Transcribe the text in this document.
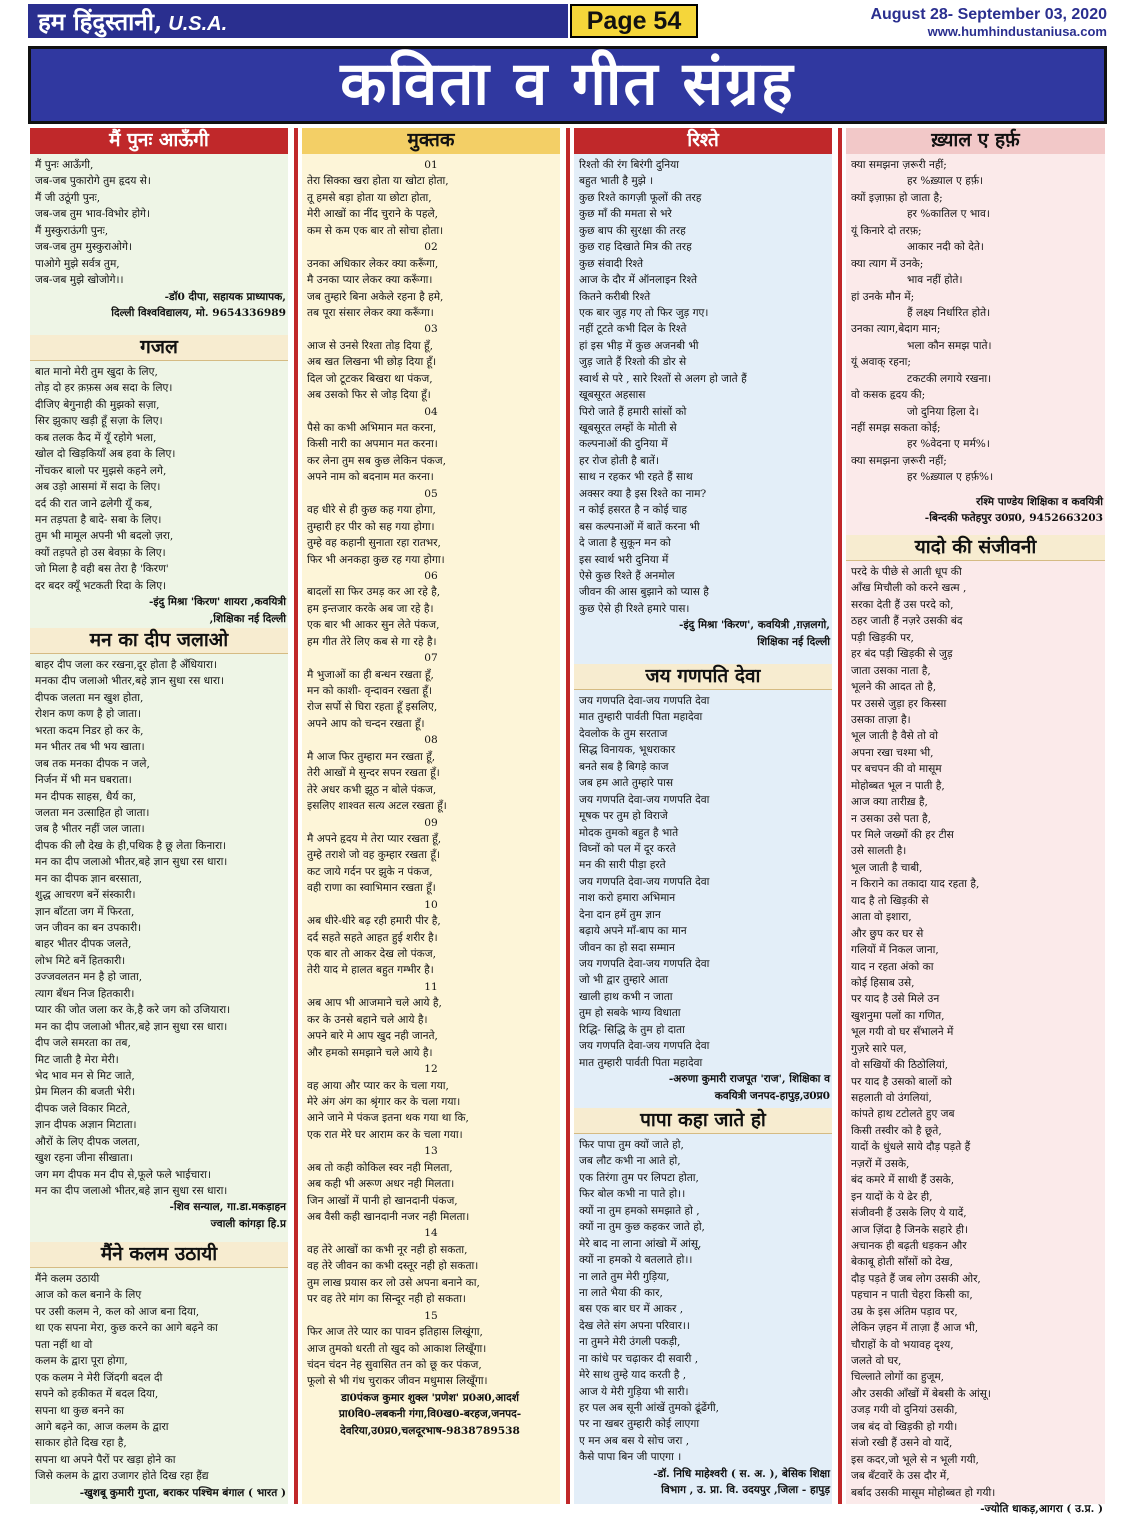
हम हिंदुस्तानी, U.S.A.	Page 54	August 28- September 03, 2020
www.humhindustaniusa.com
कविता व गीत संग्रह
मैं पुनः आऊँगी
मैं पुनः आऊँगी,
जब-जब पुकारोगे तुम हृदय से।
मैं जी उठूंगी पुनः,
जब-जब तुम भाव-विभोर होगे।
मैं मुस्कुराऊंगी पुनः,
जब-जब तुम मुस्कुराओगे।
पाओगे मुझे सर्वत्र तुम,
जब-जब मुझे खोजोगे।।
-डॉ0 दीपा, सहायक प्राध्यापक,
दिल्ली विश्वविद्यालय, मो. 9654336989
गजल
बात मानो मेरी तुम खुदा के लिए,
तोड़ दो हर क़फ़स अब सदा के लिए।
दीजिए बेगुनाही की मुझको सज़ा,
सिर झुकाए खड़ी हूँ सज़ा के लिए।
कब तलक कैद में यूँ रहोगे भला,
खोल दो खिड़कियाँ अब हवा के लिए।
नोंचकर बालो पर मुझसे कहने लगे,
अब उड़ो आसमां में सदा के लिए।
दर्द की रात जाने ढलेगी यूँ कब,
मन तड़पता है बादे- सबा के लिए।
तुम भी मामूल अपनी भी बदलो ज़रा,
क्यों तड़पते हो उस बेवफ़ा के लिए।
जो मिला है वही बस तेरा है 'किरण'
दर बदर क्यूँ भटकती रिदा के लिए।
-इंदु मिश्रा 'किरण' शायरा ,कवयित्री
,शिक्षिका नई दिल्ली
मन का दीप जलाओ
बाहर दीप जला कर रखना,दूर होता है अँधियारा।
मनका दीप जलाओ भीतर,बहे ज्ञान सुधा रस धारा।
दीपक जलता मन खुश होता,
रोशन कण कण है हो जाता।
भरता कदम निडर हो कर के,
मन भीतर तब भी भय खाता।
जब तक मनका दीपक न जले,
निर्जन में भी मन घबराता।
मन दीपक साहस, धैर्य का,
जलता मन उत्साहित हो जाता।
जब है भीतर नहीं जल जाता।
दीपक की लौ देख के ही,पथिक है छू लेता किनारा।
मन का दीप जलाओ भीतर,बहे ज्ञान सुधा रस धारा।
मन का दीपक ज्ञान बरसाता,
शुद्ध आचरण बनें संस्कारी।
ज्ञान बाँटता जग में फिरता,
जन जीवन का बन उपकारी।
बाहर भीतर दीपक जलते,
लोभ मिटे बनें हितकारी।
उज्जवलतन मन है हो जाता,
त्याग बँधन निज हितकारी।
प्यार की जोत जला कर के,है करे जग को उजियारा।
मन का दीप जलाओ भीतर,बहे ज्ञान सुधा रस धारा।
दीप जले समरता का तब,
मिट जाती है मेरा मेरी।
भेद भाव मन से मिट जाते,
प्रेम मिलन की बजती भेरी।
दीपक जले विकार मिटते,
ज्ञान दीपक अज्ञान मिटाता।
औरों के लिए दीपक जलता,
खुश रहना जीना सीखाता।
जग मग दीपक मन दीप से,फूले फले भाईचारा।
मन का दीप जलाओ भीतर,बहे ज्ञान सुधा रस धारा।
-शिव सन्याल, गा.डा.मकड़ाहन
ज्वाली कांगड़ा हि.प्र
मैंने कलम उठायी
मैंने कलम उठायी
आज को कल बनाने के लिए
पर उसी कलम ने, कल को आज बना दिया,
था एक सपना मेरा, कुछ करने का आगे बढ़ने का
पता नहीं था वो
कलम के द्वारा पूरा होगा,
एक कलम ने मेरी जिंदगी बदल दी
सपने को हकीकत में बदल दिया,
सपना था कुछ बनने का
आगे बढ़ने का, आज कलम के द्वारा
साकार होते दिख रहा है,
सपना था अपने पैरों पर खड़ा होने का
जिसे कलम के द्वारा उजागर होते दिख रहा हैंद्य
-खुशबू कुमारी गुप्ता, बराकर पश्चिम बंगाल ( भारत )
मुक्तक
01
तेरा सिक्का खरा होता या खोटा होता,
तू हमसे बड़ा होता या छोटा होता,
मेरी आखों का नींद चुराने के पहले,
कम से कम एक बार तो सोचा होता।
02
उनका अधिकार लेकर क्या करूँगा,
मै उनका प्यार लेकर क्या करूँगा।
जब तुम्हारे बिना अकेले रहना है हमे,
तब पूरा संसार लेकर क्या करूँगा।
03
आज से उनसे रिश्ता तोड़ दिया हूँ,
अब खत लिखना भी छोड़ दिया हूँ।
दिल जो टूटकर बिखरा था पंकज,
अब उसको फिर से जोड़ दिया हूँ।
04
पैसे का कभी अभिमान मत करना,
किसी नारी का अपमान मत करना।
कर लेना तुम सब कुछ लेकिन पंकज,
अपने नाम को बदनाम मत करना।
05
वह धीरे से ही कुछ कह गया होगा,
तुम्हारी हर पीर को सह गया होगा।
तुम्हे वह कहानी सुनाता रहा रातभर,
फिर भी अनकहा कुछ रह गया होगा।
06
बादलों सा फिर उमड़ कर आ रहे है,
हम इन्तजार करके अब जा रहे है।
एक बार भी आकर सुन लेते पंकज,
हम गीत तेरे लिए कब से गा रहे है।
07
मै भुजाओं का ही बन्धन रखता हूँ,
मन को काशी- वृन्दावन रखता हूँ।
रोज सर्पो से घिरा रहता हूँ इसलिए,
अपने आप को चन्दन रखता हूँ।
08
मै आज फिर तुम्हारा मन रखता हूँ,
तेरी आखों मे सुन्दर सपन रखता हूँ।
तेरे अधर कभी झूठ न बोले पंकज,
इसलिए शाश्वत सत्य अटल रखता हूँ।
09
मै अपने हृदय मे तेरा प्यार रखता हूँ,
तुम्हे तराशे जो वह कुम्हार रखता हूँ।
कट जाये गर्दन पर झुके न पंकज,
वही राणा का स्वाभिमान रखता हूँ।
10
अब धीरे-धीरे बढ़ रही हमारी पीर है,
दर्द सहते सहते आहत हुई शरीर है।
एक बार तो आकर देख लो पंकज,
तेरी याद मे हालत बहुत गम्भीर है।
11
अब आप भी आजमाने चले आये है,
कर के उनसे बहाने चले आये है।
अपने बारे मे आप खुद नही जानते,
और हमको समझाने चले आये है।
12
वह आया और प्यार कर के चला गया,
मेरे अंग अंग का श्रृंगार कर के चला गया।
आने जाने मे पंकज इतना थक गया था कि,
एक रात मेरे घर आराम कर के चला गया।
13
अब तो कही कोकिल स्वर नही मिलता,
अब कही भी अरूण अधर नही मिलता।
जिन आखों में पानी हो खानदानी पंकज,
अब वैसी कही खानदानी नजर नही मिलता।
14
वह तेरे आखों का कभी नूर नही हो सकता,
वह तेरे जीवन का कभी दस्तूर नही हो सकता।
तुम लाख प्रयास कर लो उसे अपना बनाने का,
पर वह तेरे मांग का सिन्दूर नही हो सकता।
15
फिर आज तेरे प्यार का पावन इतिहास लिखूंगा,
आज तुमको धरती तो खुद को आकाश लिखूँगा।
चंदन चंदन नेह सुवासित तन को छू कर पंकज,
फूलो से भी गंध चुराकर जीवन मधुमास लिखूँगा।
डा0पंकज कुमार शुक्ल 'प्रणेश' प्र0अ0,आदर्श
प्रा0वि0-लबकनी गंगा,वि0ख0-बरहज,जनपद-
देवरिया,उ0प्र0,चलदूरभाष-9838789538
रिश्ते
रिश्तो की रंग बिरंगी दुनिया
बहुत भाती है मुझे ।
कुछ रिश्ते कागज़ी फूलों की तरह
कुछ माँ की ममता से भरे
कुछ बाप की सुरक्षा की तरह
कुछ राह दिखाते मित्र की तरह
कुछ संवादी रिश्ते
आज के दौर में ऑनलाइन रिश्ते
कितने करीबी रिश्ते
एक बार जुड़ गए तो फिर जुड़ गए।
नहीं टूटते कभी दिल के रिश्ते
हां इस भीड़ में कुछ अजनबी भी
जुड़ जाते हैं रिश्तो की डोर से
स्वार्थ से परे , सारे रिश्तों से अलग हो जाते हैं
खूबसूरत अहसास
पिरो जाते हैं हमारी सांसों को
खूबसूरत लम्हों के मोती से
कल्पनाओं की दुनिया में
हर रोज होती है बातें।
साथ न रहकर भी रहते हैं साथ
अक्सर क्या है इस रिश्ते का नाम?
न कोई हसरत है न कोई चाह
बस कल्पनाओं में बातें करना भी
दे जाता है सुकून मन को
इस स्वार्थ भरी दुनिया में
ऐसे कुछ रिश्ते हैं अनमोल
जीवन की आस बुझाने को प्यास है
कुछ ऐसे ही रिश्ते हमारे पास।
-इंदु मिश्रा 'किरण', कवयित्री ,ग़ज़लगो,
शिक्षिका नई दिल्ली
जय गणपति देवा
जय गणपति देवा-जय गणपति देवा
मात तुम्हारी पार्वती पिता महादेवा
देवलोक के तुम सरताज
सिद्ध विनायक, भूधराकार
बनते सब है बिगड़े काज
जब हम आते तुम्हारे पास
जय गणपति देवा-जय गणपति देवा
मूषक पर तुम हो विराजे
मोदक तुमको बहुत है भाते
विघ्नों को पल में दूर करते
मन की सारी पीड़ा हरते
जय गणपति देवा-जय गणपति देवा
नाश करो हमारा अभिमान
देना दान हमें तुम ज्ञान
बढ़ाये अपने माँ-बाप का मान
जीवन का हो सदा सम्मान
जय गणपति देवा-जय गणपति देवा
जो भी द्वार तुम्हारे आता
खाली हाथ कभी न जाता
तुम हो सबके भाग्य विधाता
रिद्धि- सिद्धि के तुम हो दाता
जय गणपति देवा-जय गणपति देवा
मात तुम्हारी पार्वती पिता महादेवा
-अरुणा कुमारी राजपूत 'राज', शिक्षिका व
कवयित्री जनपद-हापुड़,उ0प्र0
पापा कहा जाते हो
फिर पापा तुम क्यों जाते हो,
जब लौट कभी ना आते हो,
एक तिरंगा तुम पर लिपटा होता,
फिर बोल कभी ना पाते हो।।
क्यों ना तुम हमको समझाते हो ,
क्यों ना तुम कुछ कहकर जाते हो,
मेरे बाद ना लाना आंखो में आंसू,
क्यों ना हमको ये बतलाते हो।।
ना लाते तुम मेरी गुड़िया,
ना लाते भैया की कार,
बस एक बार घर में आकर ,
देख लेते संग अपना परिवार।।
ना तुमने मेरी उंगली पकड़ी,
ना कांधे पर चढ़ाकर दी सवारी ,
मेरे साथ तुम्हे याद करती है ,
आज ये मेरी गुड़िया भी सारी।
हर पल अब सूनी आंखें तुमको ढूंढेंगी,
पर ना खबर तुम्हारी कोई लाएगा
ए मन अब बस ये सोच जरा ,
कैसे पापा बिन जी पाएगा ।
-डॉ. निधि माहेश्वरी ( स. अ. ), बेसिक शिक्षा
विभाग , उ. प्रा. वि. उदयपुर ,जिला - हापुड़
ख़्याल ए हर्फ़
क्या समझना ज़रूरी नहीं;
हर %ख़्याल ए हर्फ़।
क्यों इज़ाफ़ा हो जाता है;
हर %कातिल ए भाव।
यूं किनारे दो तरफ़;
आकार नदी को देते।
क्या त्याग में उनके;
भाव नहीं होते।
हां उनके मौन में;
हैं लक्ष्य निर्धारित होते।
उनका त्याग,बेदाग मान;
भला कौन समझ पाते।
यूं अवाक् रहना;
टकटकी लगाये रखना।
वो कसक हृदय की;
जो दुनिया हिला दे।
नहीं समझ सकता कोई;
हर %वेदना ए मर्म%।
क्या समझना ज़रूरी नहीं;
हर %ख़्याल ए हर्फ़%।
रश्मि पाण्डेय शिक्षिका व कवयित्री
-बिन्दकी फतेहपुर उ0प्र0, 9452663203
यादो की संजीवनी
परदे के पीछे से आती धूप की
आँख मिचौली को करने खत्म ,
सरका देती हैं उस परदे को,
ठहर जाती हैं नज़रे उसकी बंद
पड़ी खिड़की पर,
हर बंद पड़ी खिड़की से जुड़
जाता उसका नाता है,
भूलने की आदत तो है,
पर उससे जुड़ा हर किस्सा
उसका ताज़ा है।
भूल जाती है वैसे तो वो
अपना रखा चश्मा भी,
पर बचपन की वो मासूम
मोहोब्बत भूल न पाती है,
आज क्या तारीख़ है,
न उसका उसे पता है,
पर मिले जख्मों की हर टीस
उसे सालती है।
भूल जाती है चाबी,
न किराने का तकादा याद रहता है,
याद है तो खिड़की से
आता वो इशारा,
और छुप कर घर से
गलियों में निकल जाना,
याद न रहता अंको का
कोई हिसाब उसे,
पर याद है उसे मिले उन
खुशनुमा पलों का गणित,
भूल गयी वो घर सँभालने में
गुज़रे सारे पल,
वो सखियों की ठिठोलियां,
पर याद है उसको बालों को
सहलाती वो उंगलियां,
कांपते हाथ टटोलते हुए जब
किसी तस्वीर को है छूते,
यादों के धुंधले साये दौड़ पड़ते हैं
नज़रों में उसके,
बंद कमरे में साथी हैं उसके,
इन यादों के ये ढेर ही,
संजीवनी हैं उसके लिए ये यादें,
आज ज़िंदा है जिनके सहारे ही।
अचानक ही बढ़ती धड़कन और
बेकाबू होती साँसों को देख,
दौड़ पड़ते हैं जब लोग उसकी ओर,
पहचान न पाती चेहरा किसी का,
उम्र के इस अंतिम पड़ाव पर,
लेकिन ज़हन में ताज़ा हैं आज भी,
चौराहों के वो भयावह दृश्य,
जलते वो घर,
चिल्लाते लोगों का हुजूम,
और उसकी आँखों में बेबसी के आंसू।
उजड़ गयी वो दुनियां उसकी,
जब बंद वो खिड़की हो गयी।
संजो रखी हैं उसने वो यादें,
इस कदर,जो भूले से न भूली गयी,
जब बँटवारें के उस दौर में,
बर्बाद उसकी मासूम मोहोब्बत हो गयी।
-ज्योति धाकड़,आगरा ( उ.प्र. )
